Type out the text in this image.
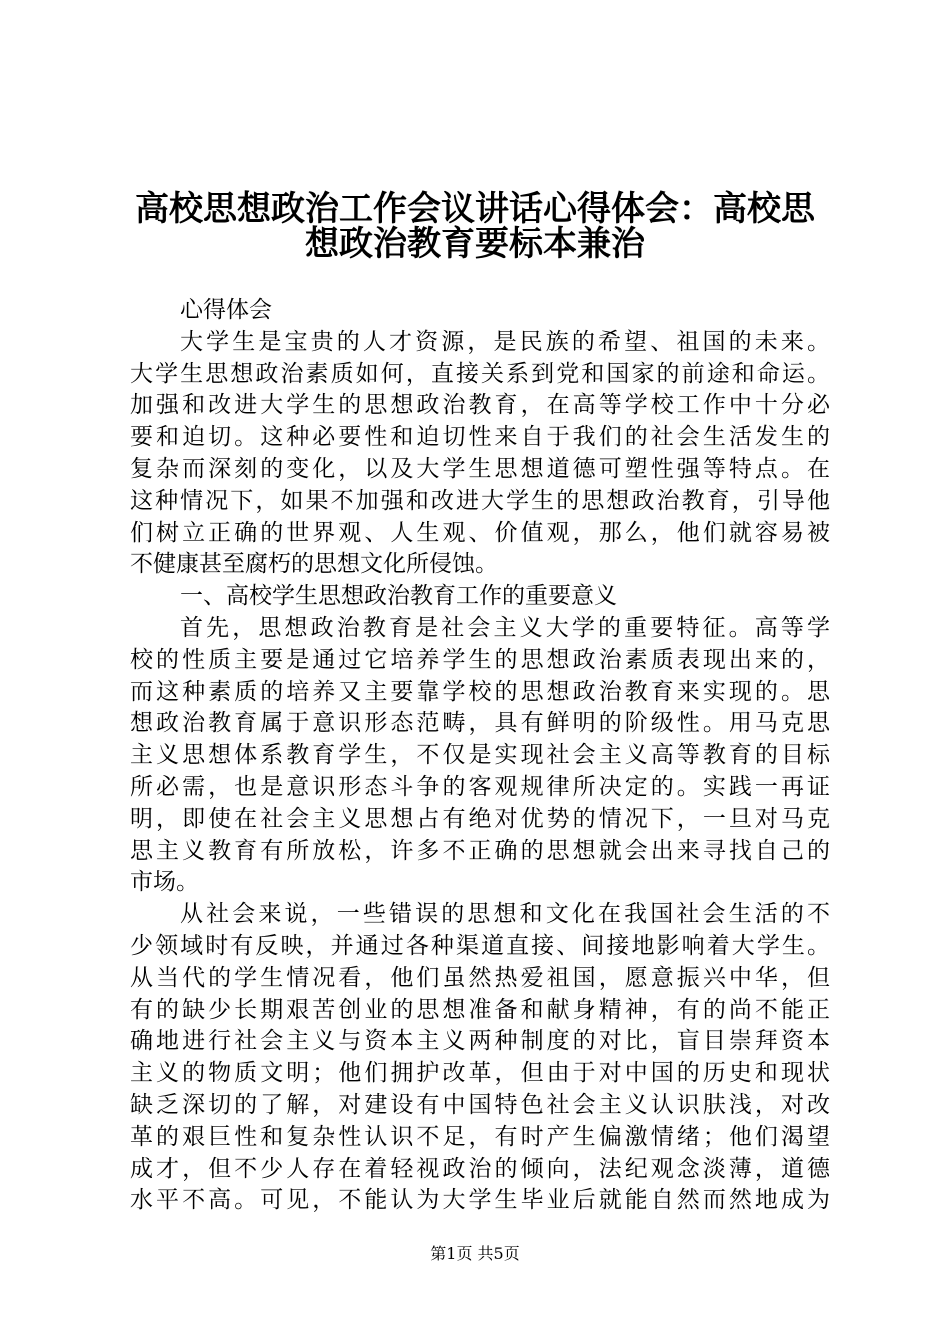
高校思想政治工作会议讲话心得体会：高校思
想政治教育要标本兼治
心得体会
大学生是宝贵的人才资源，是民族的希望、祖国的未来。
大学生思想政治素质如何，直接关系到党和国家的前途和命运。
加强和改进大学生的思想政治教育，在高等学校工作中十分必
要和迫切。这种必要性和迫切性来自于我们的社会生活发生的
复杂而深刻的变化，以及大学生思想道德可塑性强等特点。在
这种情况下，如果不加强和改进大学生的思想政治教育，引导他
们树立正确的世界观、人生观、价值观，那么，他们就容易被
不健康甚至腐朽的思想文化所侵蚀。
一、高校学生思想政治教育工作的重要意义
首先，思想政治教育是社会主义大学的重要特征。高等学
校的性质主要是通过它培养学生的思想政治素质表现出来的，
而这种素质的培养又主要靠学校的思想政治教育来实现的。思
想政治教育属于意识形态范畴，具有鲜明的阶级性。用马克思
主义思想体系教育学生，不仅是实现社会主义高等教育的目标
所必需，也是意识形态斗争的客观规律所决定的。实践一再证
明，即使在社会主义思想占有绝对优势的情况下，一旦对马克
思主义教育有所放松，许多不正确的思想就会出来寻找自己的
市场。
从社会来说，一些错误的思想和文化在我国社会生活的不
少领域时有反映，并通过各种渠道直接、间接地影响着大学生。
从当代的学生情况看，他们虽然热爱祖国，愿意振兴中华，但
有的缺少长期艰苦创业的思想准备和献身精神，有的尚不能正
确地进行社会主义与资本主义两种制度的对比，盲目崇拜资本
主义的物质文明；他们拥护改革，但由于对中国的历史和现状
缺乏深切的了解，对建设有中国特色社会主义认识肤浅，对改
革的艰巨性和复杂性认识不足，有时产生偏激情绪；他们渴望
成才，但不少人存在着轻视政治的倾向，法纪观念淡薄，道德
水平不高。可见，不能认为大学生毕业后就能自然而然地成为
第1页 共5页
